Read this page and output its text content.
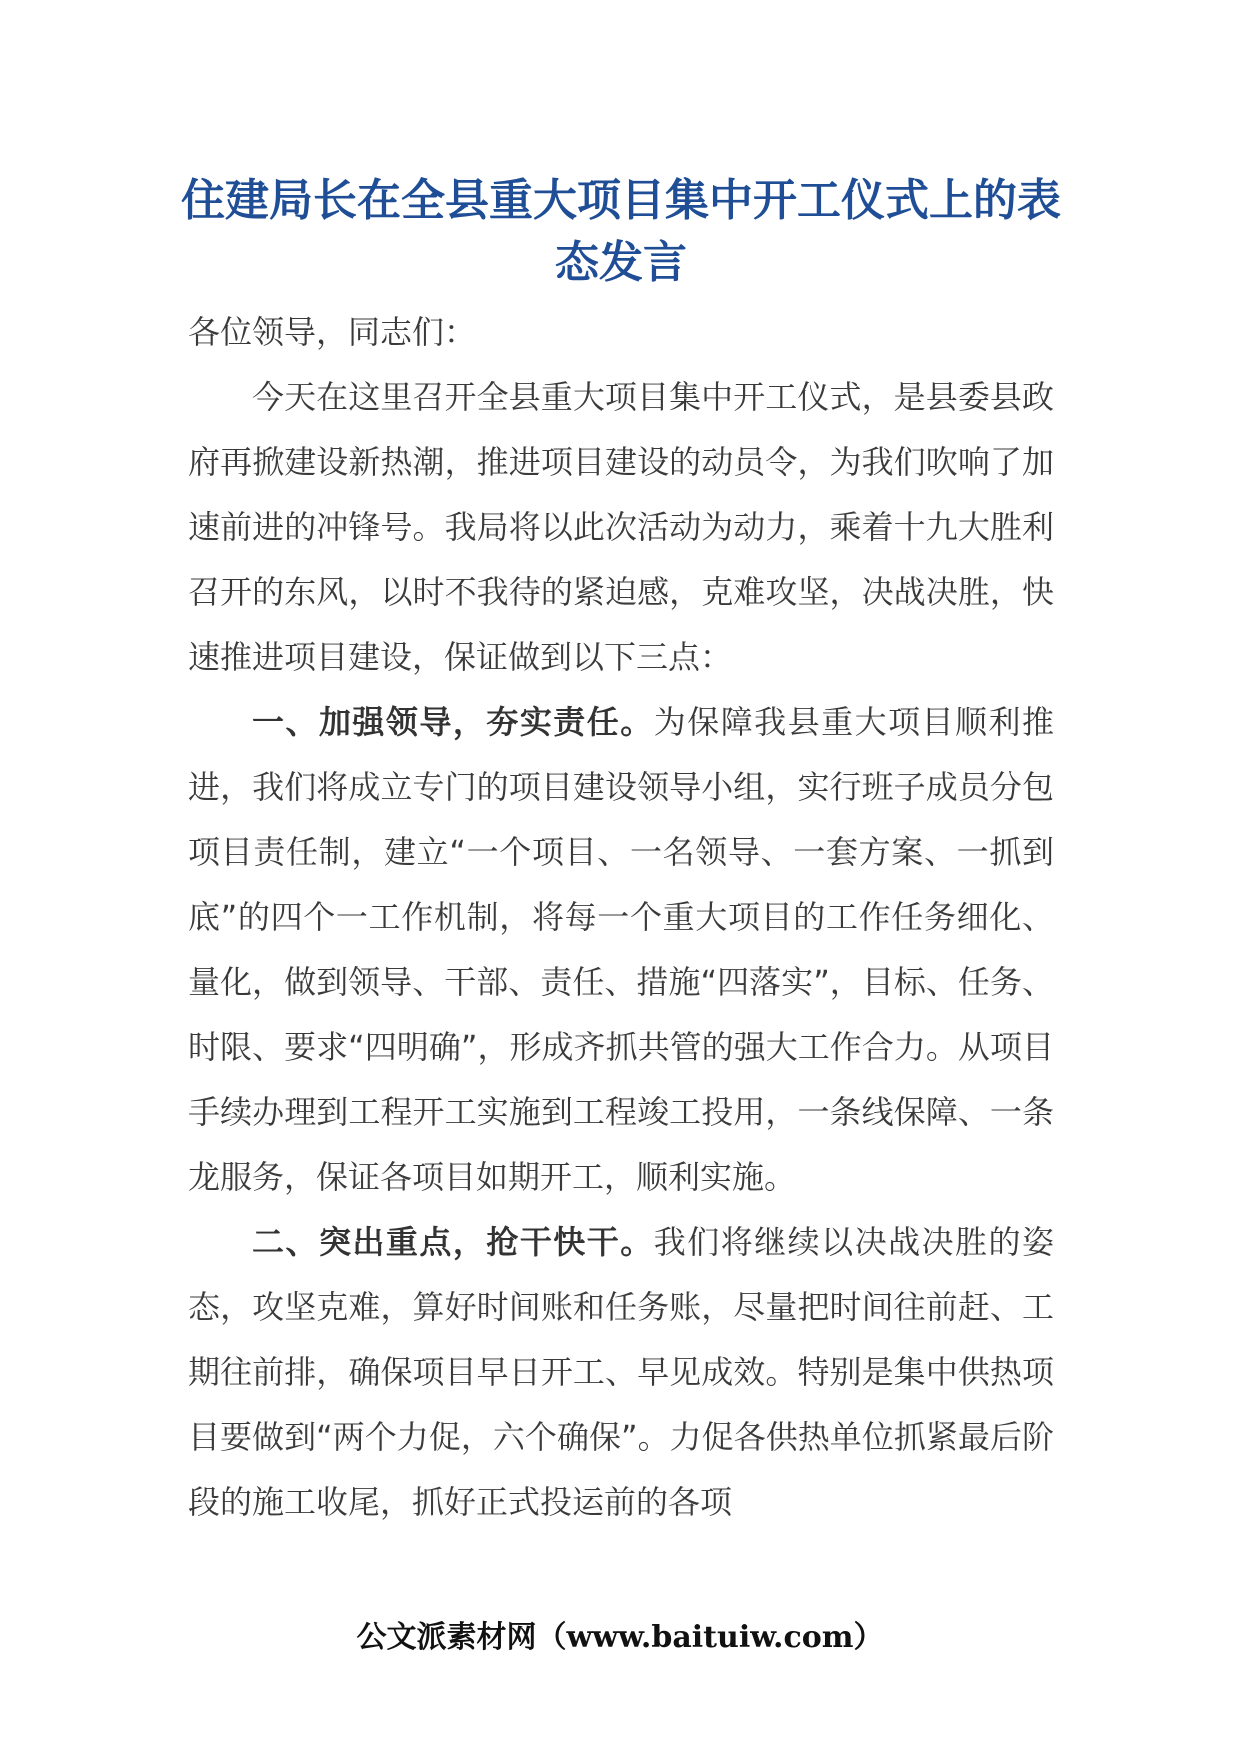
住建局长在全县重大项目集中开工仪式上的表态发言

各位领导，同志们：

今天在这里召开全县重大项目集中开工仪式，是县委县政府再掀建设新热潮，推进项目建设的动员令，为我们吹响了加速前进的冲锋号。我局将以此次活动为动力，乘着十九大胜利召开的东风，以时不我待的紧迫感，克难攻坚，决战决胜，快速推进项目建设，保证做到以下三点：

一、加强领导，夯实责任。为保障我县重大项目顺利推进，我们将成立专门的项目建设领导小组，实行班子成员分包项目责任制，建立“一个项目、一名领导、一套方案、一抓到底”的四个一工作机制，将每一个重大项目的工作任务细化、量化，做到领导、干部、责任、措施“四落实”，目标、任务、时限、要求“四明确”，形成齐抓共管的强大工作合力。从项目手续办理到工程开工实施到工程竣工投用，一条线保障、一条龙服务，保证各项目如期开工，顺利实施。

二、突出重点，抢干快干。我们将继续以决战决胜的姿态，攻坚克难，算好时间账和任务账，尽量把时间往前赶、工期往前排，确保项目早日开工、早见成效。特别是集中供热项目要做到“两个力促，六个确保”。力促各供热单位抓紧最后阶段的施工收尾，抓好正式投运前的各项

公文派素材网（www.baituiw.com）
